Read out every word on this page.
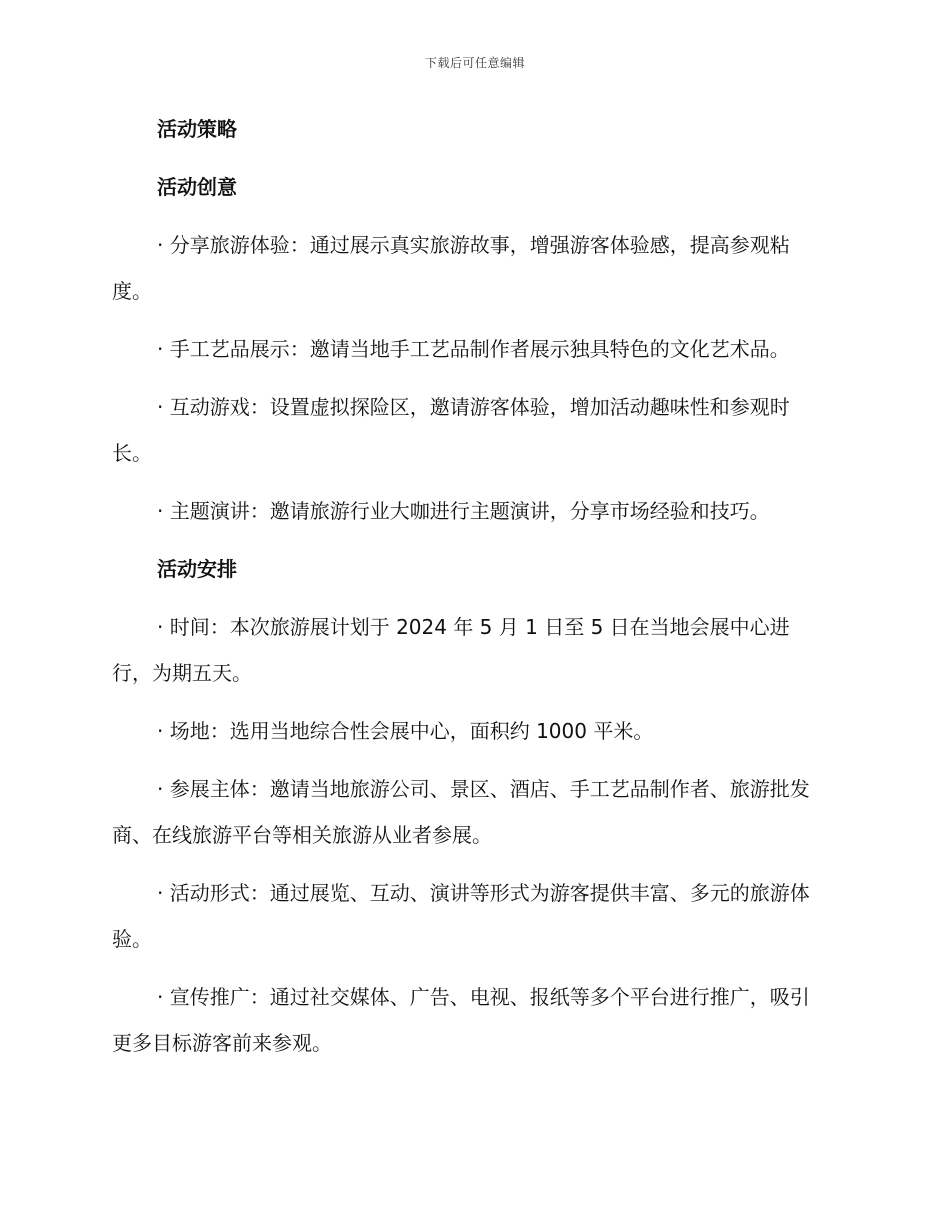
下载后可任意编辑
活动策略
活动创意

· 分享旅游体验：通过展示真实旅游故事，增强游客体验感，提高参观粘度。

· 手工艺品展示：邀请当地手工艺品制作者展示独具特色的文化艺术品。

· 互动游戏：设置虚拟探险区，邀请游客体验，增加活动趣味性和参观时长。

· 主题演讲：邀请旅游行业大咖进行主题演讲，分享市场经验和技巧。

活动安排

· 时间：本次旅游展计划于 2024 年 5 月 1 日至 5 日在当地会展中心进行，为期五天。

· 场地：选用当地综合性会展中心，面积约 1000 平米。

· 参展主体：邀请当地旅游公司、景区、酒店、手工艺品制作者、旅游批发商、在线旅游平台等相关旅游从业者参展。

· 活动形式：通过展览、互动、演讲等形式为游客提供丰富、多元的旅游体验。

· 宣传推广：通过社交媒体、广告、电视、报纸等多个平台进行推广，吸引更多目标游客前来参观。
